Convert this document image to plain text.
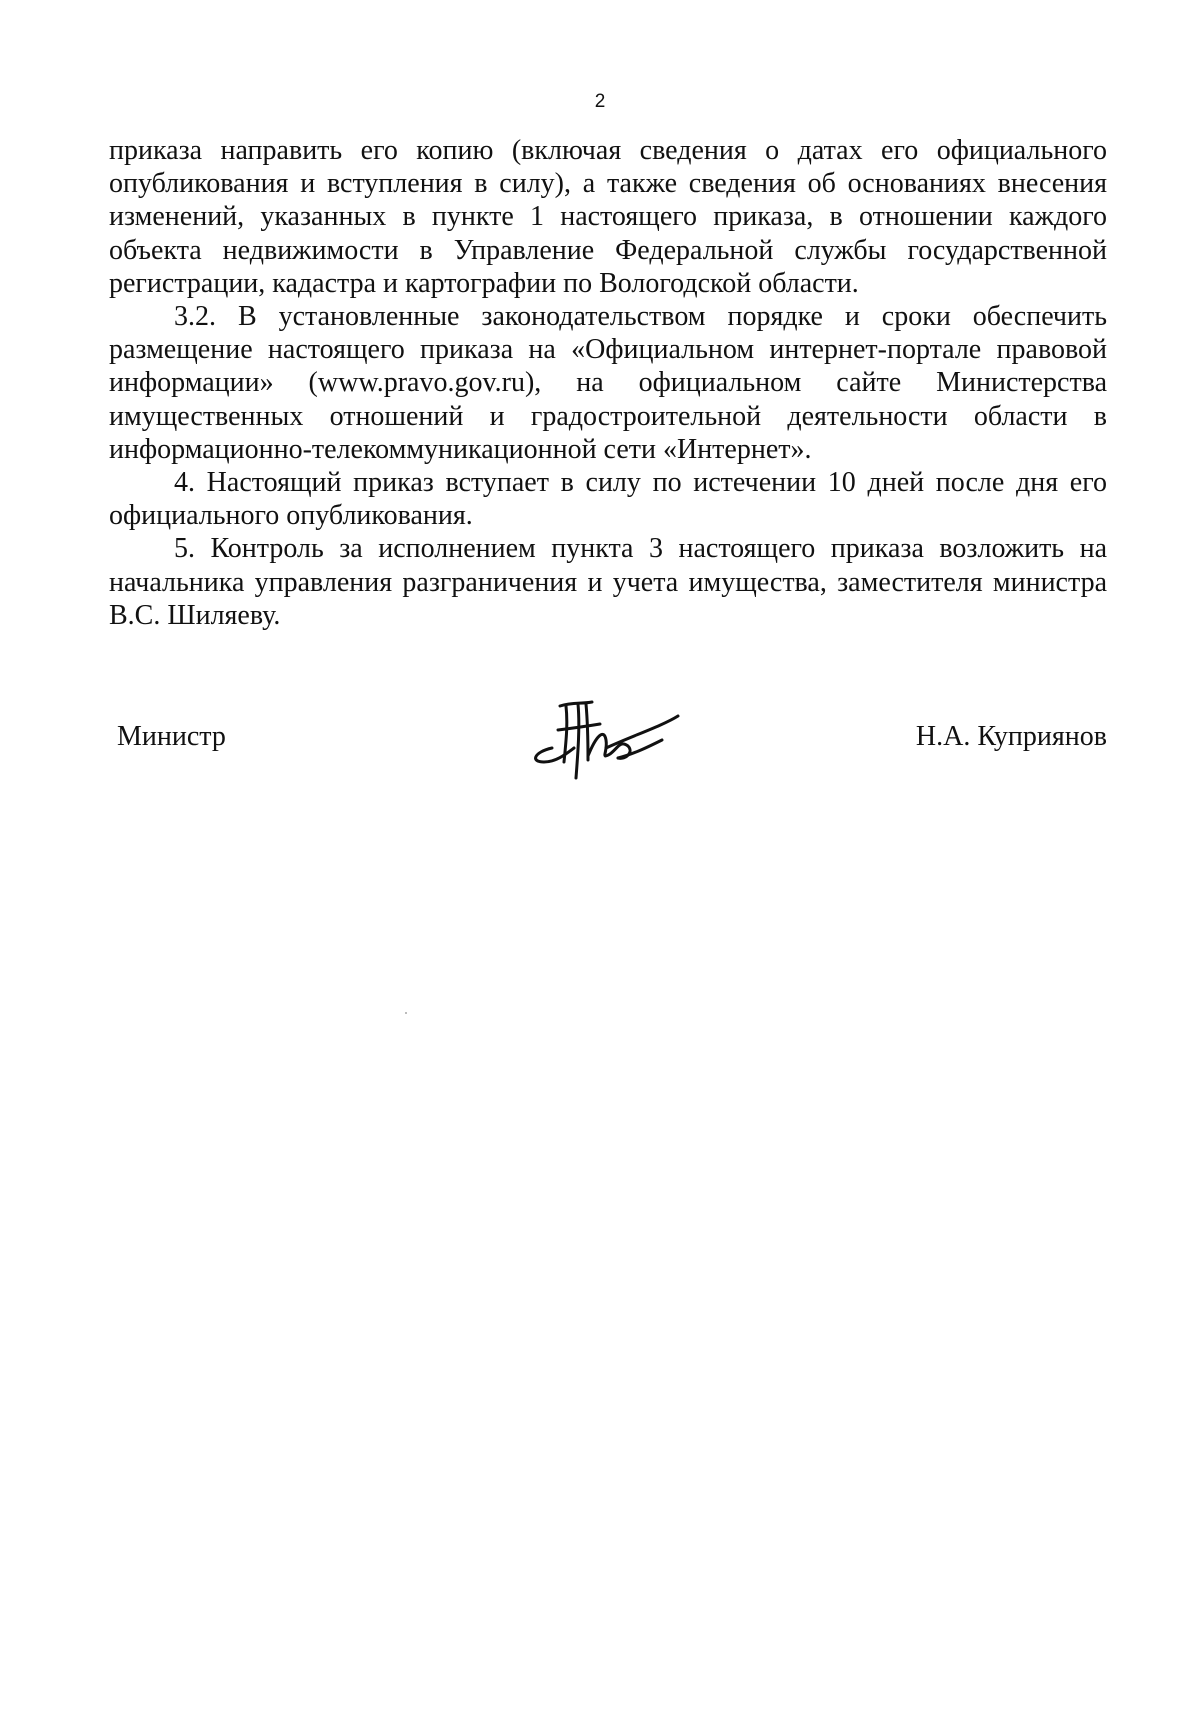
2

приказа направить его копию (включая сведения о датах его официального опубликования и вступления в силу), а также сведения об основаниях внесения изменений, указанных в пункте 1 настоящего приказа, в отношении каждого объекта недвижимости в Управление Федеральной службы государственной регистрации, кадастра и картографии по Вологодской области.

3.2. В установленные законодательством порядке и сроки обеспечить размещение настоящего приказа на «Официальном интернет-портале правовой информации» (www.pravo.gov.ru), на официальном сайте Министерства имущественных отношений и градостроительной деятельности области в информационно-телекоммуникационной сети «Интернет».

4. Настоящий приказ вступает в силу по истечении 10 дней после дня его официального опубликования.

5. Контроль за исполнением пункта 3 настоящего приказа возложить на начальника управления разграничения и учета имущества, заместителя министра В.С. Шиляеву.

Министр	Н.А. Куприянов
